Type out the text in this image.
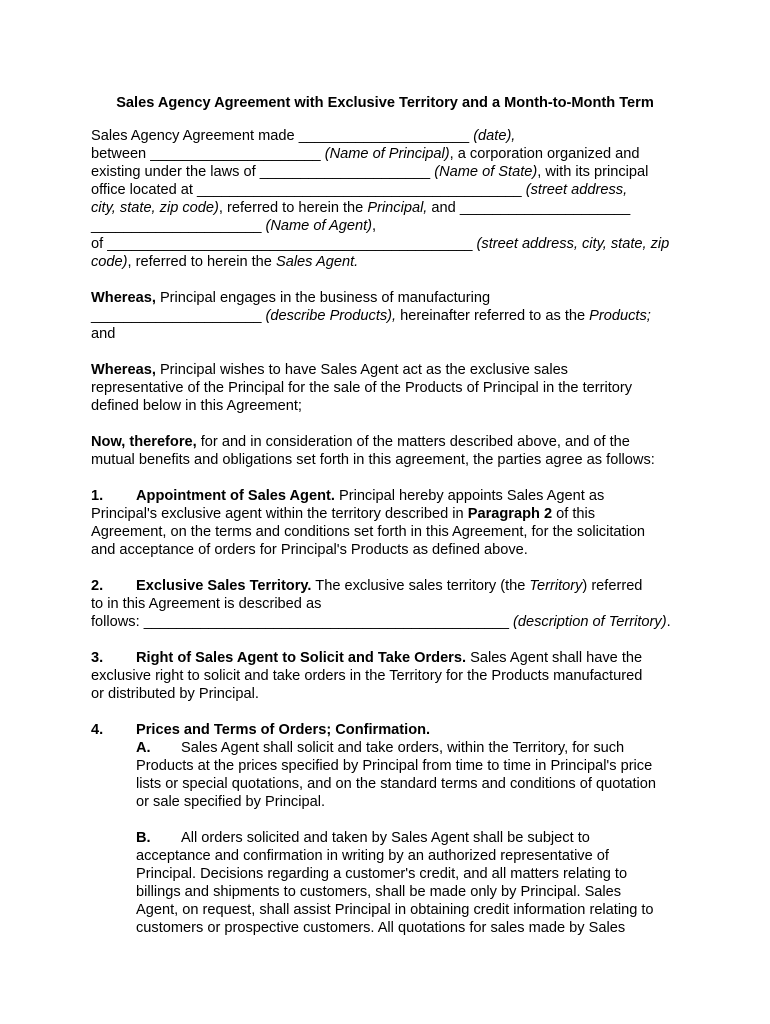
Sales Agency Agreement with Exclusive Territory and a Month-to-Month Term
Sales Agency Agreement made _____________________ (date),
between _____________________ (Name of Principal), a corporation organized and
existing under the laws of _____________________ (Name of State), with its principal
office located at ________________________________________ (street address,
city, state, zip code), referred to herein the Principal, and _____________________
_____________________ (Name of Agent),
of _____________________________________________ (street address, city, state, zip
code), referred to herein the Sales Agent.
Whereas, Principal engages in the business of manufacturing
_____________________ (describe Products), hereinafter referred to as the Products;
and
Whereas, Principal wishes to have Sales Agent act as the exclusive sales
representative of the Principal for the sale of the Products of Principal in the territory
defined below in this Agreement;
Now, therefore, for and in consideration of the matters described above, and of the
mutual benefits and obligations set forth in this agreement, the parties agree as follows:
1. Appointment of Sales Agent. Principal hereby appoints Sales Agent as
Principal's exclusive agent within the territory described in Paragraph 2 of this
Agreement, on the terms and conditions set forth in this Agreement, for the solicitation
and acceptance of orders for Principal's Products as defined above.
2. Exclusive Sales Territory. The exclusive sales territory (the Territory) referred
to in this Agreement is described as
follows: _____________________________________________ (description of Territory).
3. Right of Sales Agent to Solicit and Take Orders. Sales Agent shall have the
exclusive right to solicit and take orders in the Territory for the Products manufactured
or distributed by Principal.
4. Prices and Terms of Orders; Confirmation.
A. Sales Agent shall solicit and take orders, within the Territory, for such
Products at the prices specified by Principal from time to time in Principal's price
lists or special quotations, and on the standard terms and conditions of quotation
or sale specified by Principal.
B. All orders solicited and taken by Sales Agent shall be subject to
acceptance and confirmation in writing by an authorized representative of
Principal. Decisions regarding a customer's credit, and all matters relating to
billings and shipments to customers, shall be made only by Principal. Sales
Agent, on request, shall assist Principal in obtaining credit information relating to
customers or prospective customers. All quotations for sales made by Sales
